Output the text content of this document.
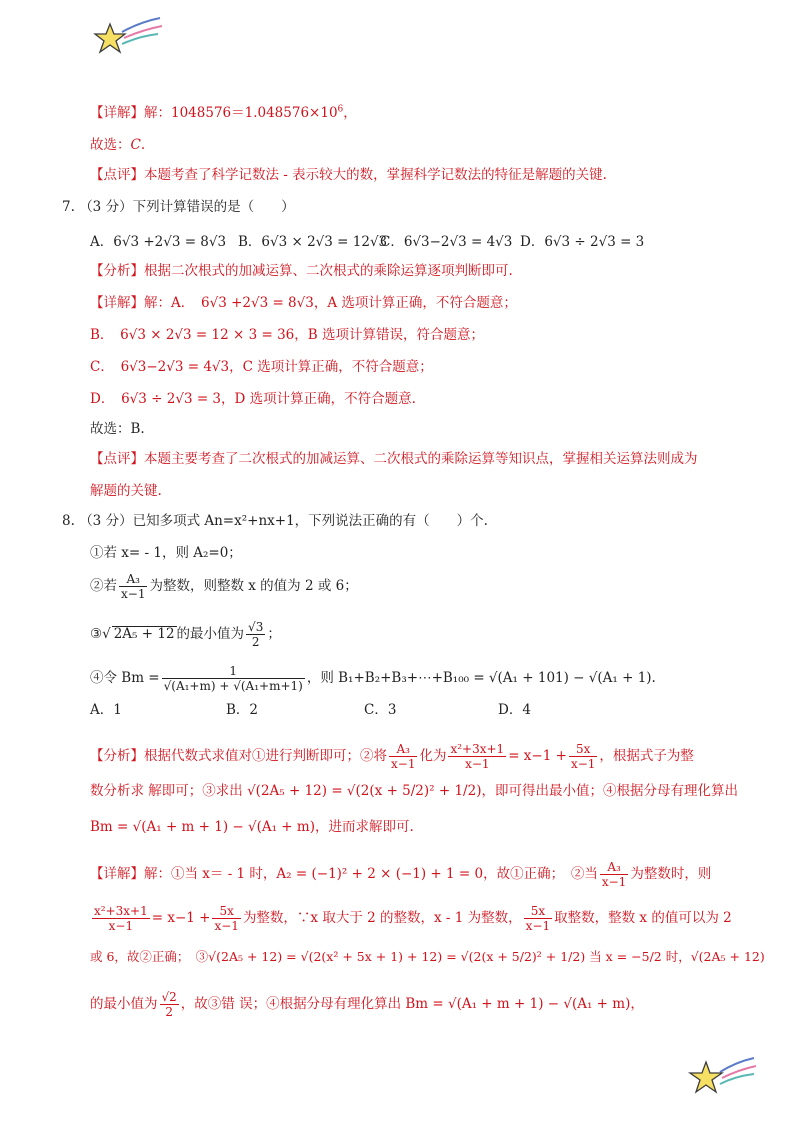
【详解】解：$1048576=1.048576\times 10^6$，
故选：C.
【点评】本题考查了科学记数法 - 表示较大的数，掌握科学记数法的特征是解题的关键.
7. （3 分）下列计算错误的是（　　）
A．6√3 +2√3 = 8√3 B．6√3 × 2√3 = 12√3
C．6√3−2√3 = 4√3 D．6√3 ÷ 2√3 = 3
【分析】根据二次根式的加减运算、二次根式的乘除运算逐项判断即可.
【详解】解：A．　6√3 +2√3 = 8√3，A 选项计算正确，不符合题意；
B．　6√3 × 2√3 = 12 × 3 = 36，B 选项计算错误，符合题意；
C．　6√3−2√3 = 4√3，C 选项计算正确，不符合题意；
D．　6√3 ÷ 2√3 = 3，D 选项计算正确，不符合题意.
故选：B.
【点评】本题主要考查了二次根式的加减运算、二次根式的乘除运算等知识点，掌握相关运算法则成为
解题的关键.
8. （3 分）已知多项式 An=x²+nx+1，下列说法正确的有（　　）个.
①若 x= - 1，则 A₂=0；
②若 $\frac{\text{A₃}}{x-1}$ 为整数，则整数 x 的值为 2 或 6；
③√ 2A₅ + 12 的最小值为 $\frac{√3}{2}$ ；
④令 $Bm = \frac{1}{\text{√(A₁+m) + √(A₁+m+1)}}$ ，则 B₁+B₂+B₃+⋯+B₁₀₀ = √(A₁ + 101) − √(A₁ + 1).
A．1	B．2	C．3	D．4
【分析】根据代数式求值对①进行判断即可；②将 $\frac{\text{A₃}}{x-1}$ 化为 $\frac{\text{x²+3x+1}}{x-1} = x-1 + \frac{5x}{x-1}$ ，根据式子为整
数分析求 解即可；③求出 √(2A₅ + 12) = √(2(x + 5/2)² + 1/2)，即可得出最小值；④根据分母有理化算出
Bm = √(A₁ + m + 1) − √(A₁ + m)，进而求解即可.
【详解】解：①当 x＝ - 1 时，A₂ = (−1)² + 2 × (−1) + 1 = 0，故①正确；　②当 $\frac{\text{A₃}}{x-1}$ 为整数时，则
$\frac{\text{x²+3x+1}}{x-1} = x-1 + \frac{5x}{x-1}$ 为整数，∵x 取大于 2 的整数，x - 1 为整数， $\frac{5x}{x-1}$ 取整数，整数 x 的值可以为 2
或 6，故②正确；　③√(2A₅ + 12) = √(2(x² + 5x + 1) + 12) = √(2(x + 5/2)² + 1/2) 当 x = −5/2 时，√(2A₅ + 12)
的最小值为 $\frac{√2}{2}$ ，故③错 误；④根据分母有理化算出 Bm = √(A₁ + m + 1) − √(A₁ + m)，
